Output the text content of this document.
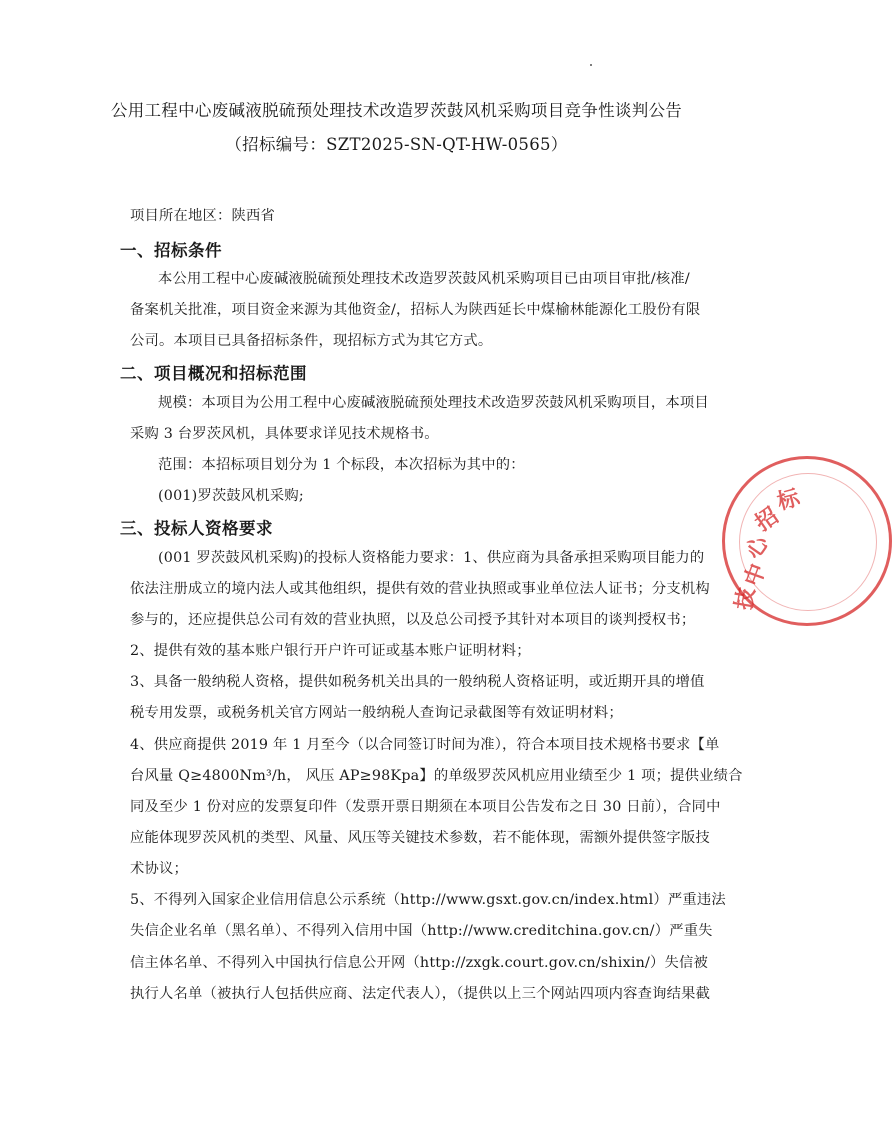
公用工程中心废碱液脱硫预处理技术改造罗茨鼓风机采购项目竞争性谈判公告
（招标编号：SZT2025-SN-QT-HW-0565）
项目所在地区：陕西省
一、招标条件
本公用工程中心废碱液脱硫预处理技术改造罗茨鼓风机采购项目已由项目审批/核准/
备案机关批准，项目资金来源为其他资金/，招标人为陕西延长中煤榆林能源化工股份有限
公司。本项目已具备招标条件，现招标方式为其它方式。
二、项目概况和招标范围
规模：本项目为公用工程中心废碱液脱硫预处理技术改造罗茨鼓风机采购项目，本项目
采购 3 台罗茨风机，具体要求详见技术规格书。
范围：本招标项目划分为 1 个标段，本次招标为其中的：
(001)罗茨鼓风机采购;
三、投标人资格要求
(001 罗茨鼓风机采购)的投标人资格能力要求：1、供应商为具备承担采购项目能力的
依法注册成立的境内法人或其他组织，提供有效的营业执照或事业单位法人证书；分支机构
参与的，还应提供总公司有效的营业执照，以及总公司授予其针对本项目的谈判授权书；
2、提供有效的基本账户银行开户许可证或基本账户证明材料；
3、具备一般纳税人资格，提供如税务机关出具的一般纳税人资格证明，或近期开具的增值
税专用发票，或税务机关官方网站一般纳税人查询记录截图等有效证明材料；
4、供应商提供 2019 年 1 月至今（以合同签订时间为准），符合本项目技术规格书要求【单
台风量 Q≥4800Nm³/h， 风压 AP≥98Kpa】的单级罗茨风机应用业绩至少 1 项；提供业绩合
同及至少 1 份对应的发票复印件（发票开票日期须在本项目公告发布之日 30 日前），合同中
应能体现罗茨风机的类型、风量、风压等关键技术参数，若不能体现，需额外提供签字版技
术协议；
5、不得列入国家企业信用信息公示系统（http://www.gsxt.gov.cn/index.html）严重违法
失信企业名单（黑名单）、不得列入信用中国（http://www.creditchina.gov.cn/）严重失
信主体名单、不得列入中国执行信息公开网（http://zxgk.court.gov.cn/shixin/）失信被
执行人名单（被执行人包括供应商、法定代表人），（提供以上三个网站四项内容查询结果截
中
心
招
技
标
